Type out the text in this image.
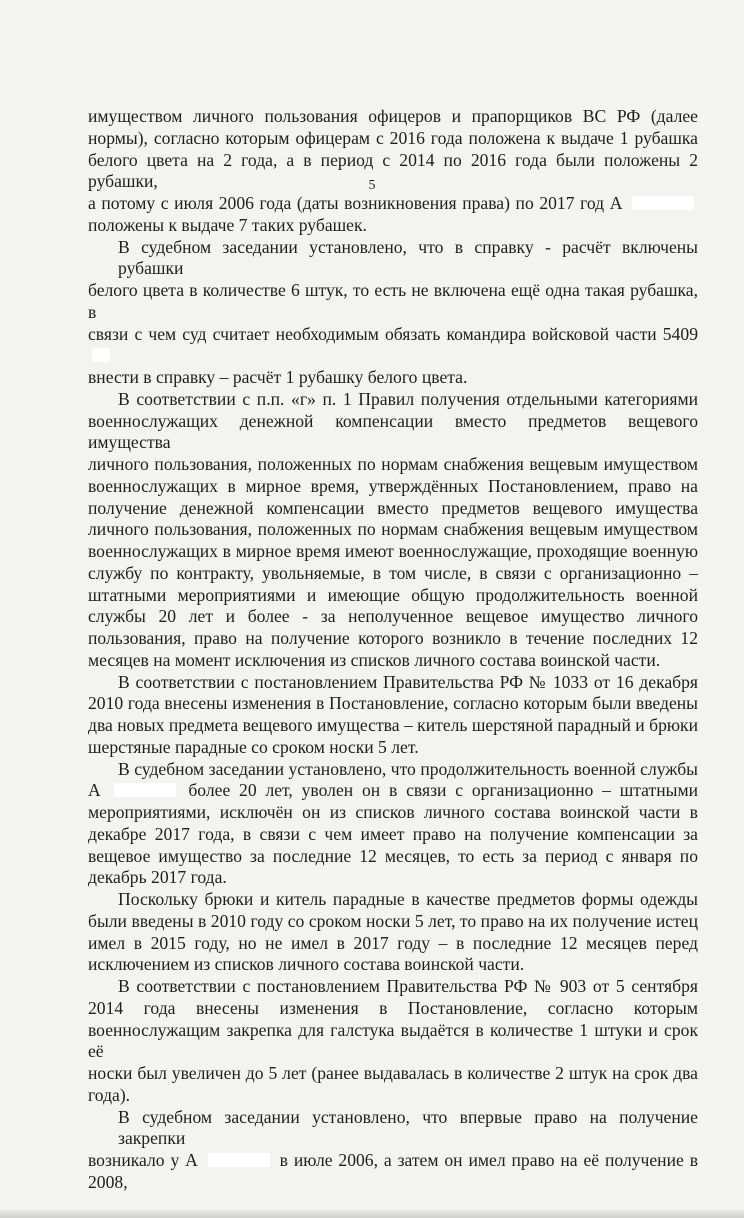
5
имуществом личного пользования офицеров и прапорщиков ВС РФ (далее
нормы), согласно которым офицерам с 2016 года положена к выдаче 1 рубашка
белого цвета на 2 года, а в период с 2014 по 2016 года были положены 2 рубашки,
а потому с июля 2006 года (даты возникновения права) по 2017 год А
положены к выдаче 7 таких рубашек.
В судебном заседании установлено, что в справку - расчёт включены рубашки
белого цвета в количестве 6 штук, то есть не включена ещё одна такая рубашка, в
связи с чем суд считает необходимым обязать командира войсковой части 5409
внести в справку – расчёт 1 рубашку белого цвета.
В соответствии с п.п. «г» п. 1 Правил получения отдельными категориями
военнослужащих денежной компенсации вместо предметов вещевого имущества
личного пользования, положенных по нормам снабжения вещевым имуществом
военнослужащих в мирное время, утверждённых Постановлением, право на
получение денежной компенсации вместо предметов вещевого имущества
личного пользования, положенных по нормам снабжения вещевым имуществом
военнослужащих в мирное время имеют военнослужащие, проходящие военную
службу по контракту, увольняемые, в том числе, в связи с организационно –
штатными мероприятиями и имеющие общую продолжительность военной
службы 20 лет и более - за неполученное вещевое имущество личного
пользования, право на получение которого возникло в течение последних 12
месяцев на момент исключения из списков личного состава воинской части.
В соответствии с постановлением Правительства РФ № 1033 от 16 декабря
2010 года внесены изменения в Постановление, согласно которым были введены
два новых предмета вещевого имущества – китель шерстяной парадный и брюки
шерстяные парадные со сроком носки 5 лет.
В судебном заседании установлено, что продолжительность военной службы
А	более 20 лет, уволен он в связи с организационно – штатными
мероприятиями, исключён он из списков личного состава воинской части в
декабре 2017 года, в связи с чем имеет право на получение компенсации за
вещевое имущество за последние 12 месяцев, то есть за период с января по
декабрь 2017 года.
Поскольку брюки и китель парадные в качестве предметов формы одежды
были введены в 2010 году со сроком носки 5 лет, то право на их получение истец
имел в 2015 году, но не имел в 2017 году – в последние 12 месяцев перед
исключением из списков личного состава воинской части.
В соответствии с постановлением Правительства РФ № 903 от 5 сентября
2014 года внесены изменения в Постановление, согласно которым
военнослужащим закрепка для галстука выдаётся в количестве 1 штуки и срок её
носки был увеличен до 5 лет (ранее выдавалась в количестве 2 штук на срок два
года).
В судебном заседании установлено, что впервые право на получение закрепки
возникало у А	в июле 2006, а затем он имел право на её получение в 2008,
